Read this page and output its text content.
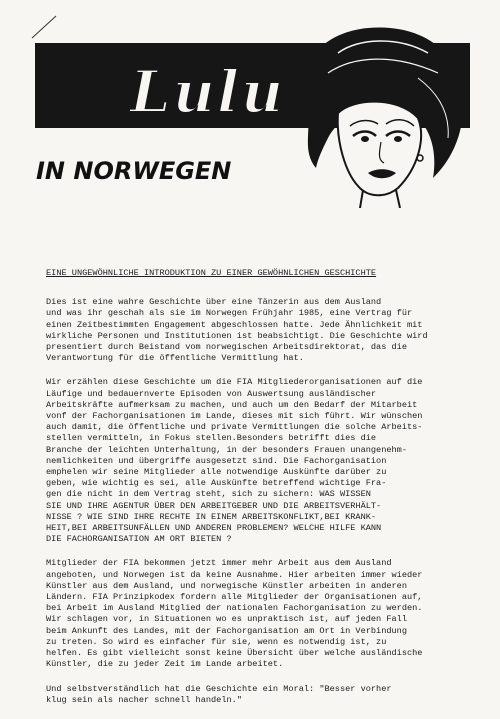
Lulu
IN NORWEGEN
EINE UNGEWÖHNLICHE INTRODUKTION ZU EINER GEWÖHNLICHEN GESCHICHTE
Dies ist eine wahre Geschichte über eine Tänzerin aus dem Ausland
und was ihr geschah als sie im Norwegen Frühjahr 1985, eine Vertrag für
einen Zeitbestimmten Engagement abgeschlossen hatte. Jede Ähnlichkeit mit
wirkliche Personen und Institutionen ist beabsichtigt. Die Geschichte wird
presentiert durch Beistand vom norwegischen Arbeitsdirektorat, das die
Verantwortung für die öffentliche Vermittlung hat.
Wir erzählen diese Geschichte um die FIA Mitgliederorganisationen auf die
Läufige und bedauernverte Episoden von Auswertsung ausländischer
Arbeitskräfte aufmerksam zu machen, und auch um den Bedarf der Mitarbeit
vonf der Fachorganisationen im Lande, dieses mit sich führt. Wir wünschen
auch damit, die öffentliche und private Vermittlungen die solche Arbeits-
stellen vermitteln, in Fokus stellen.Besonders betrifft dies die
Branche der leichten Unterhaltung, in der besonders Frauen unangenehm-
nemlichkeiten und übergriffe ausgesetzt sind. Die Fachorganisation
emphelen wir seine Mitglieder alle notwendige Auskünfte darüber zu
geben, wie wichtig es sei, alle Auskünfte betreffend wichtige Fra-
gen die nicht in dem Vertrag steht, sich zu sichern: WAS WISSEN
SIE UND IHRE AGENTUR ÜBER DEN ARBEITGEBER UND DIE ARBEITSVERHÄLT-
NISSE ? WIE SIND IHRE RECHTE IN EINEM ARBEITSKONFLIKT,BEI KRANK-
HEIT,BEI ARBEITSUNFÄLLEN UND ANDEREN PROBLEMEN? WELCHE HILFE KANN
DIE FACHORGANISATION AM ORT BIETEN ?
Mitglieder der FIA bekommen jetzt immer mehr Arbeit aus dem Ausland
angeboten, und Norwegen ist da keine Ausnahme. Hier arbeiten immer wieder
Künstler aus dem Ausland, und norwegische Künstler arbeiten in anderen
Ländern. FIA Prinzipkodex fordern alle Mitglieder der Organisationen auf,
bei Arbeit im Ausland Mitglied der nationalen Fachorganisation zu werden.
Wir schlagen vor, in Situationen wo es unpraktisch ist, auf jeden Fall
beim Ankunft des Landes, mit der Fachorganisation am Ort in Verbindung
zu treten. So wird es einfacher für sie, wenn es notwendig ist, zu
helfen. Es gibt vielleicht sonst keine Übersicht über welche ausländische
Künstler, die zu jeder Zeit im Lande arbeitet.
Und selbstverständlich hat die Geschichte ein Moral: "Besser vorher
klug sein als nacher schnell handeln."
